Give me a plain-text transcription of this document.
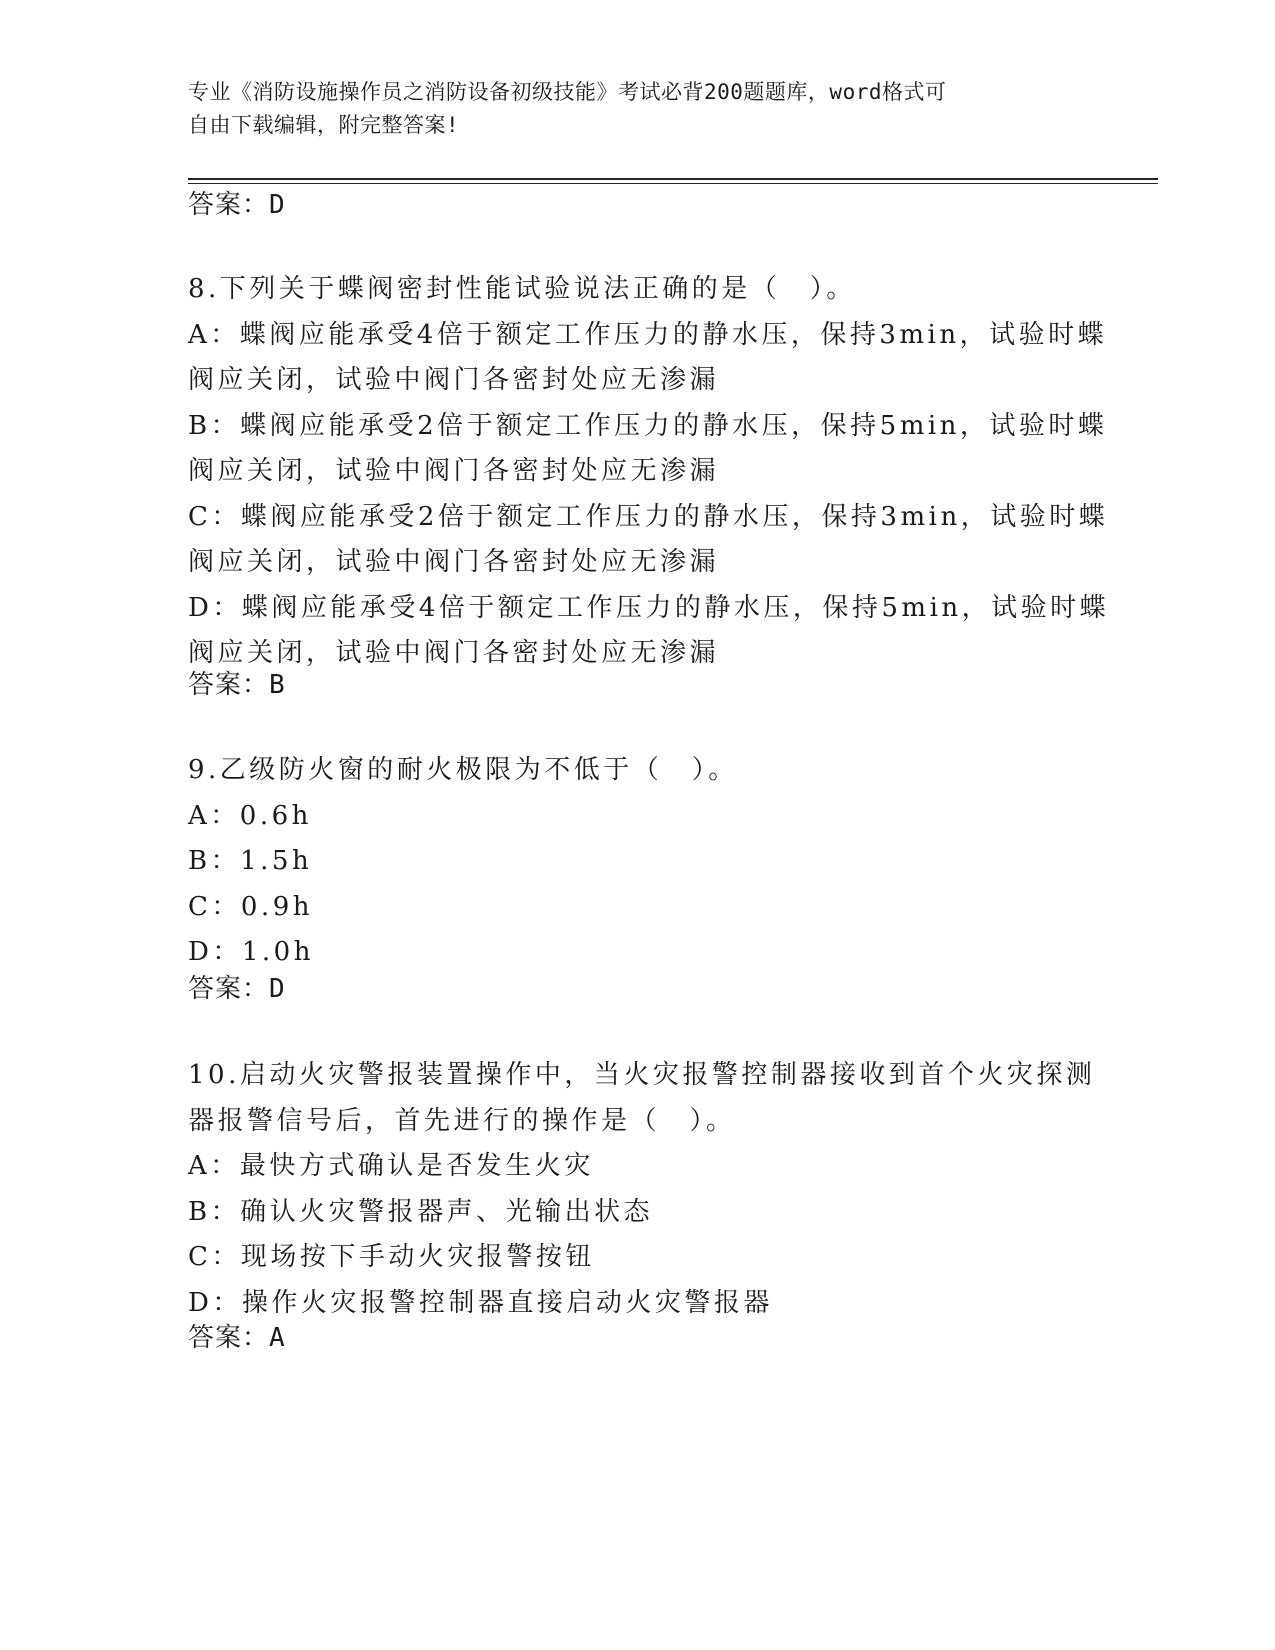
专业《消防设施操作员之消防设备初级技能》考试必背200题题库，word格式可
自由下载编辑，附完整答案!
答案：D
8.下列关于蝶阀密封性能试验说法正确的是（　）。
A：蝶阀应能承受4倍于额定工作压力的静水压，保持3min，试验时蝶
阀应关闭，试验中阀门各密封处应无渗漏
B：蝶阀应能承受2倍于额定工作压力的静水压，保持5min，试验时蝶
阀应关闭，试验中阀门各密封处应无渗漏
C：蝶阀应能承受2倍于额定工作压力的静水压，保持3min，试验时蝶
阀应关闭，试验中阀门各密封处应无渗漏
D：蝶阀应能承受4倍于额定工作压力的静水压，保持5min，试验时蝶
阀应关闭，试验中阀门各密封处应无渗漏
答案：B
9.乙级防火窗的耐火极限为不低于（　）。
A：0.6h
B：1.5h
C：0.9h
D：1.0h
答案：D
10.启动火灾警报装置操作中，当火灾报警控制器接收到首个火灾探测
器报警信号后，首先进行的操作是（　）。
A：最快方式确认是否发生火灾
B：确认火灾警报器声、光输出状态
C：现场按下手动火灾报警按钮
D：操作火灾报警控制器直接启动火灾警报器
答案：A
